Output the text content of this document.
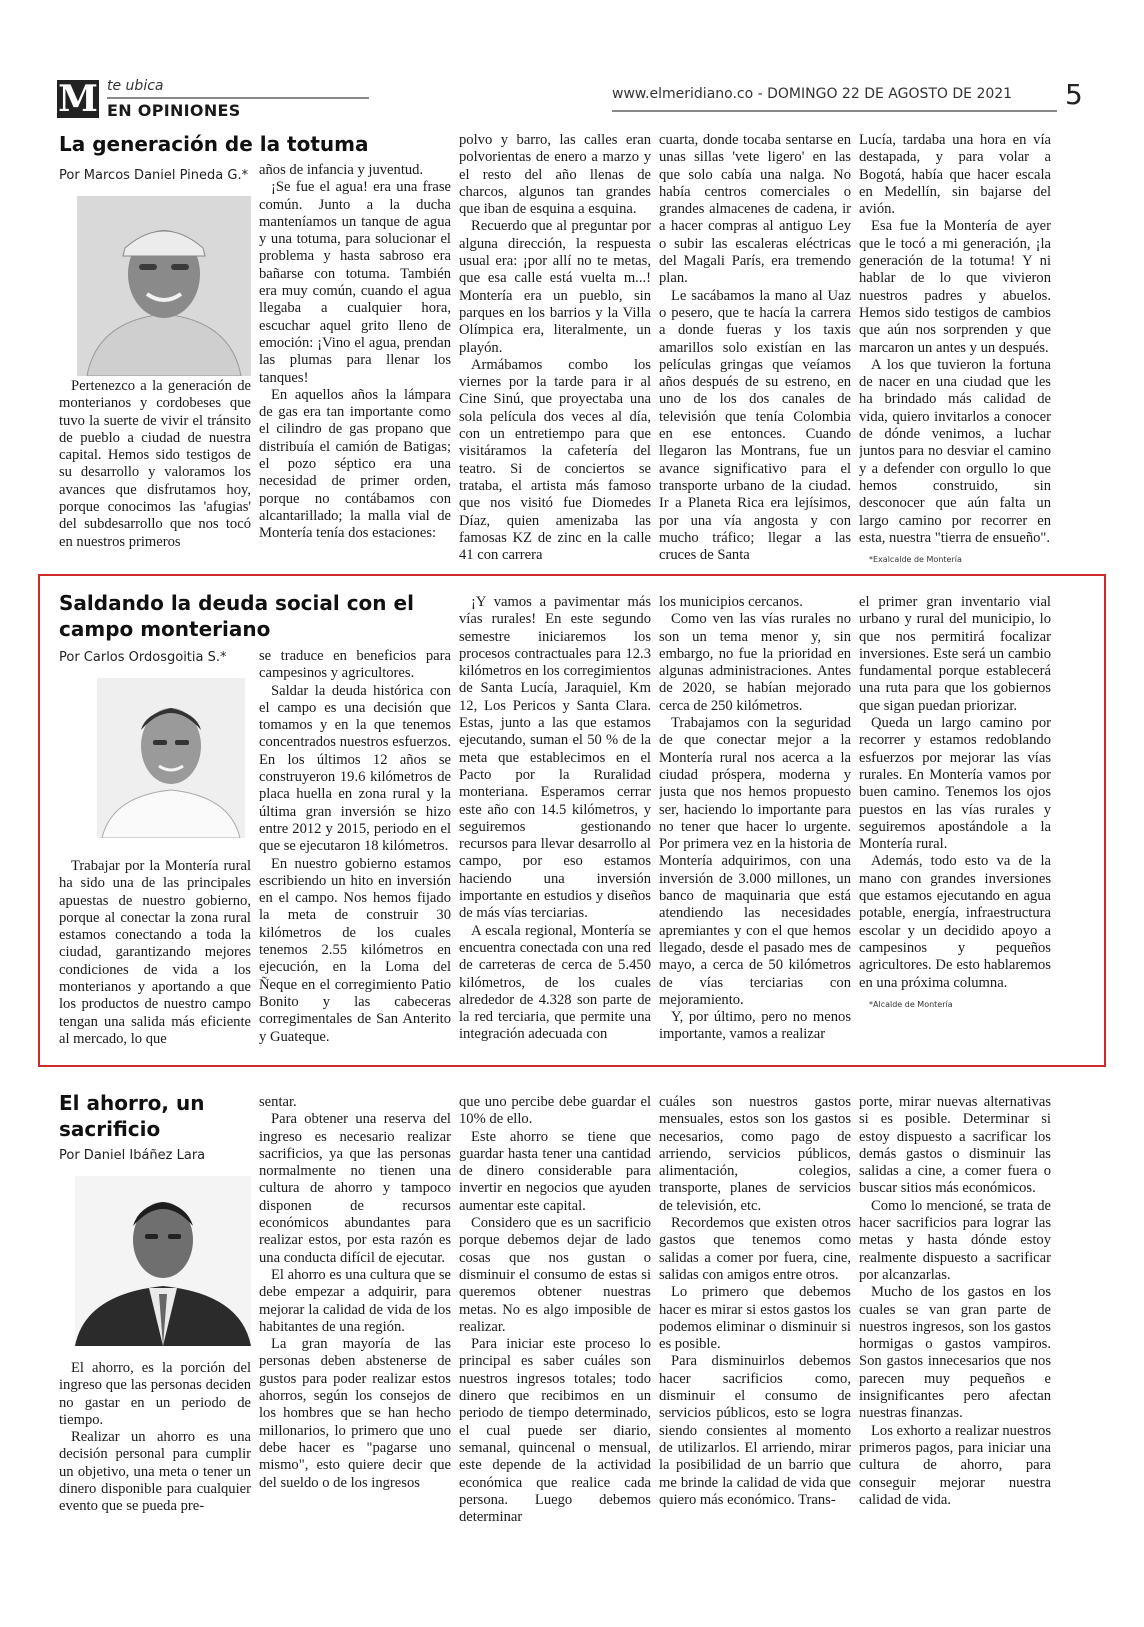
M te ubica
EN OPINIONES
www.elmeridiano.co - DOMINGO 22 DE AGOSTO DE 2021 5
La generación de la totuma
Por Marcos Daniel Pineda G.*

Pertenezco a la generación de monterianos y cordobeses que tuvo la suerte de vivir el tránsito de pueblo a ciudad de nuestra capital. Hemos sido testigos de su desarrollo y valoramos los avances que disfrutamos hoy, porque conocimos las 'afugias' del subdesarrollo que nos tocó en nuestros primeros

años de infancia y juventud.

¡Se fue el agua! era una frase común. Junto a la ducha manteníamos un tanque de agua y una totuma, para solucionar el problema y hasta sabroso era bañarse con totuma. También era muy común, cuando el agua llegaba a cualquier hora, escuchar aquel grito lleno de emoción: ¡Vino el agua, prendan las plumas para llenar los tanques!

En aquellos años la lámpara de gas era tan importante como el cilindro de gas propano que distribuía el camión de Batigas; el pozo séptico era una necesidad de primer orden, porque no contábamos con alcantarillado; la malla vial de Montería tenía dos estaciones:

polvo y barro, las calles eran polvorientas de enero a marzo y el resto del año llenas de charcos, algunos tan grandes que iban de esquina a esquina.

Recuerdo que al preguntar por alguna dirección, la respuesta usual era: ¡por allí no te metas, que esa calle está vuelta m...! Montería era un pueblo, sin parques en los barrios y la Villa Olímpica era, literalmente, un playón.

Armábamos combo los viernes por la tarde para ir al Cine Sinú, que proyectaba una sola película dos veces al día, con un entretiempo para que visitáramos la cafetería del teatro. Si de conciertos se trataba, el artista más famoso que nos visitó fue Diomedes Díaz, quien amenizaba las famosas KZ de zinc en la calle 41 con carrera

cuarta, donde tocaba sentarse en unas sillas 'vete ligero' en las que solo cabía una nalga. No había centros comerciales o grandes almacenes de cadena, ir a hacer compras al antiguo Ley o subir las escaleras eléctricas del Magali París, era tremendo plan.

Le sacábamos la mano al Uaz o pesero, que te hacía la carrera a donde fueras y los taxis amarillos solo existían en las películas gringas que veíamos años después de su estreno, en uno de los dos canales de televisión que tenía Colombia en ese entonces. Cuando llegaron las Montrans, fue un avance significativo para el transporte urbano de la ciudad. Ir a Planeta Rica era lejísimos, por una vía angosta y con mucho tráfico; llegar a las cruces de Santa

Lucía, tardaba una hora en vía destapada, y para volar a Bogotá, había que hacer escala en Medellín, sin bajarse del avión.

Esa fue la Montería de ayer que le tocó a mi generación, ¡la generación de la totuma! Y ni hablar de lo que vivieron nuestros padres y abuelos. Hemos sido testigos de cambios que aún nos sorprenden y que marcaron un antes y un después.

A los que tuvieron la fortuna de nacer en una ciudad que les ha brindado más calidad de vida, quiero invitarlos a conocer de dónde venimos, a luchar juntos para no desviar el camino y a defender con orgullo lo que hemos construido, sin desconocer que aún falta un largo camino por recorrer en esta, nuestra "tierra de ensueño".

*Exalcalde de Montería

Saldando la deuda social con el campo monteriano
Por Carlos Ordosgoitia S.*

Trabajar por la Montería rural ha sido una de las principales apuestas de nuestro gobierno, porque al conectar la zona rural estamos conectando a toda la ciudad, garantizando mejores condiciones de vida a los monterianos y aportando a que los productos de nuestro campo tengan una salida más eficiente al mercado, lo que

se traduce en beneficios para campesinos y agricultores.

Saldar la deuda histórica con el campo es una decisión que tomamos y en la que tenemos concentrados nuestros esfuerzos. En los últimos 12 años se construyeron 19.6 kilómetros de placa huella en zona rural y la última gran inversión se hizo entre 2012 y 2015, periodo en el que se ejecutaron 18 kilómetros.

En nuestro gobierno estamos escribiendo un hito en inversión en el campo. Nos hemos fijado la meta de construir 30 kilómetros de los cuales tenemos 2.55 kilómetros en ejecución, en la Loma del Ñeque en el corregimiento Patio Bonito y las cabeceras corregimentales de San Anterito y Guateque.

¡Y vamos a pavimentar más vías rurales! En este segundo semestre iniciaremos los procesos contractuales para 12.3 kilómetros en los corregimientos de Santa Lucía, Jaraquiel, Km 12, Los Pericos y Santa Clara. Estas, junto a las que estamos ejecutando, suman el 50 % de la meta que establecimos en el Pacto por la Ruralidad monteriana. Esperamos cerrar este año con 14.5 kilómetros, y seguiremos gestionando recursos para llevar desarrollo al campo, por eso estamos haciendo una inversión importante en estudios y diseños de más vías terciarias.

A escala regional, Montería se encuentra conectada con una red de carreteras de cerca de 5.450 kilómetros, de los cuales alrededor de 4.328 son parte de la red terciaria, que permite una integración adecuada con

los municipios cercanos.

Como ven las vías rurales no son un tema menor y, sin embargo, no fue la prioridad en algunas administraciones. Antes de 2020, se habían mejorado cerca de 250 kilómetros.

Trabajamos con la seguridad de que conectar mejor a la Montería rural nos acerca a la ciudad próspera, moderna y justa que nos hemos propuesto ser, haciendo lo importante para no tener que hacer lo urgente. Por primera vez en la historia de Montería adquirimos, con una inversión de 3.000 millones, un banco de maquinaria que está atendiendo las necesidades apremiantes y con el que hemos llegado, desde el pasado mes de mayo, a cerca de 50 kilómetros de vías terciarias con mejoramiento.

Y, por último, pero no menos importante, vamos a realizar

el primer gran inventario vial urbano y rural del municipio, lo que nos permitirá focalizar inversiones. Este será un cambio fundamental porque establecerá una ruta para que los gobiernos que sigan puedan priorizar.

Queda un largo camino por recorrer y estamos redoblando esfuerzos por mejorar las vías rurales. En Montería vamos por buen camino. Tenemos los ojos puestos en las vías rurales y seguiremos apostándole a la Montería rural.

Además, todo esto va de la mano con grandes inversiones que estamos ejecutando en agua potable, energía, infraestructura escolar y un decidido apoyo a campesinos y pequeños agricultores. De esto hablaremos en una próxima columna.

*Alcalde de Montería

El ahorro, un sacrificio
Por Daniel Ibáñez Lara

El ahorro, es la porción del ingreso que las personas deciden no gastar en un periodo de tiempo.

Realizar un ahorro es una decisión personal para cumplir un objetivo, una meta o tener un dinero disponible para cualquier evento que se pueda pre-

sentar.

Para obtener una reserva del ingreso es necesario realizar sacrificios, ya que las personas normalmente no tienen una cultura de ahorro y tampoco disponen de recursos económicos abundantes para realizar estos, por esta razón es una conducta difícil de ejecutar.

El ahorro es una cultura que se debe empezar a adquirir, para mejorar la calidad de vida de los habitantes de una región.

La gran mayoría de las personas deben abstenerse de gustos para poder realizar estos ahorros, según los consejos de los hombres que se han hecho millonarios, lo primero que uno debe hacer es "pagarse uno mismo", esto quiere decir que del sueldo o de los ingresos

que uno percibe debe guardar el 10% de ello.

Este ahorro se tiene que guardar hasta tener una cantidad de dinero considerable para invertir en negocios que ayuden aumentar este capital.

Considero que es un sacrificio porque debemos dejar de lado cosas que nos gustan o disminuir el consumo de estas si queremos obtener nuestras metas. No es algo imposible de realizar.

Para iniciar este proceso lo principal es saber cuáles son nuestros ingresos totales; todo dinero que recibimos en un periodo de tiempo determinado, el cual puede ser diario, semanal, quincenal o mensual, este depende de la actividad económica que realice cada persona. Luego debemos determinar

cuáles son nuestros gastos mensuales, estos son los gastos necesarios, como pago de arriendo, servicios públicos, alimentación, colegios, transporte, planes de servicios de televisión, etc.

Recordemos que existen otros gastos que tenemos como salidas a comer por fuera, cine, salidas con amigos entre otros.

Lo primero que debemos hacer es mirar si estos gastos los podemos eliminar o disminuir si es posible.

Para disminuirlos debemos hacer sacrificios como, disminuir el consumo de servicios públicos, esto se logra siendo consientes al momento de utilizarlos. El arriendo, mirar la posibilidad de un barrio que me brinde la calidad de vida que quiero más económico. Trans-

porte, mirar nuevas alternativas si es posible. Determinar si estoy dispuesto a sacrificar los demás gastos o disminuir las salidas a cine, a comer fuera o buscar sitios más económicos.

Como lo mencioné, se trata de hacer sacrificios para lograr las metas y hasta dónde estoy realmente dispuesto a sacrificar por alcanzarlas.

Mucho de los gastos en los cuales se van gran parte de nuestros ingresos, son los gastos hormigas o gastos vampiros. Son gastos innecesarios que nos parecen muy pequeños e insignificantes pero afectan nuestras finanzas.

Los exhorto a realizar nuestros primeros pagos, para iniciar una cultura de ahorro, para conseguir mejorar nuestra calidad de vida.
